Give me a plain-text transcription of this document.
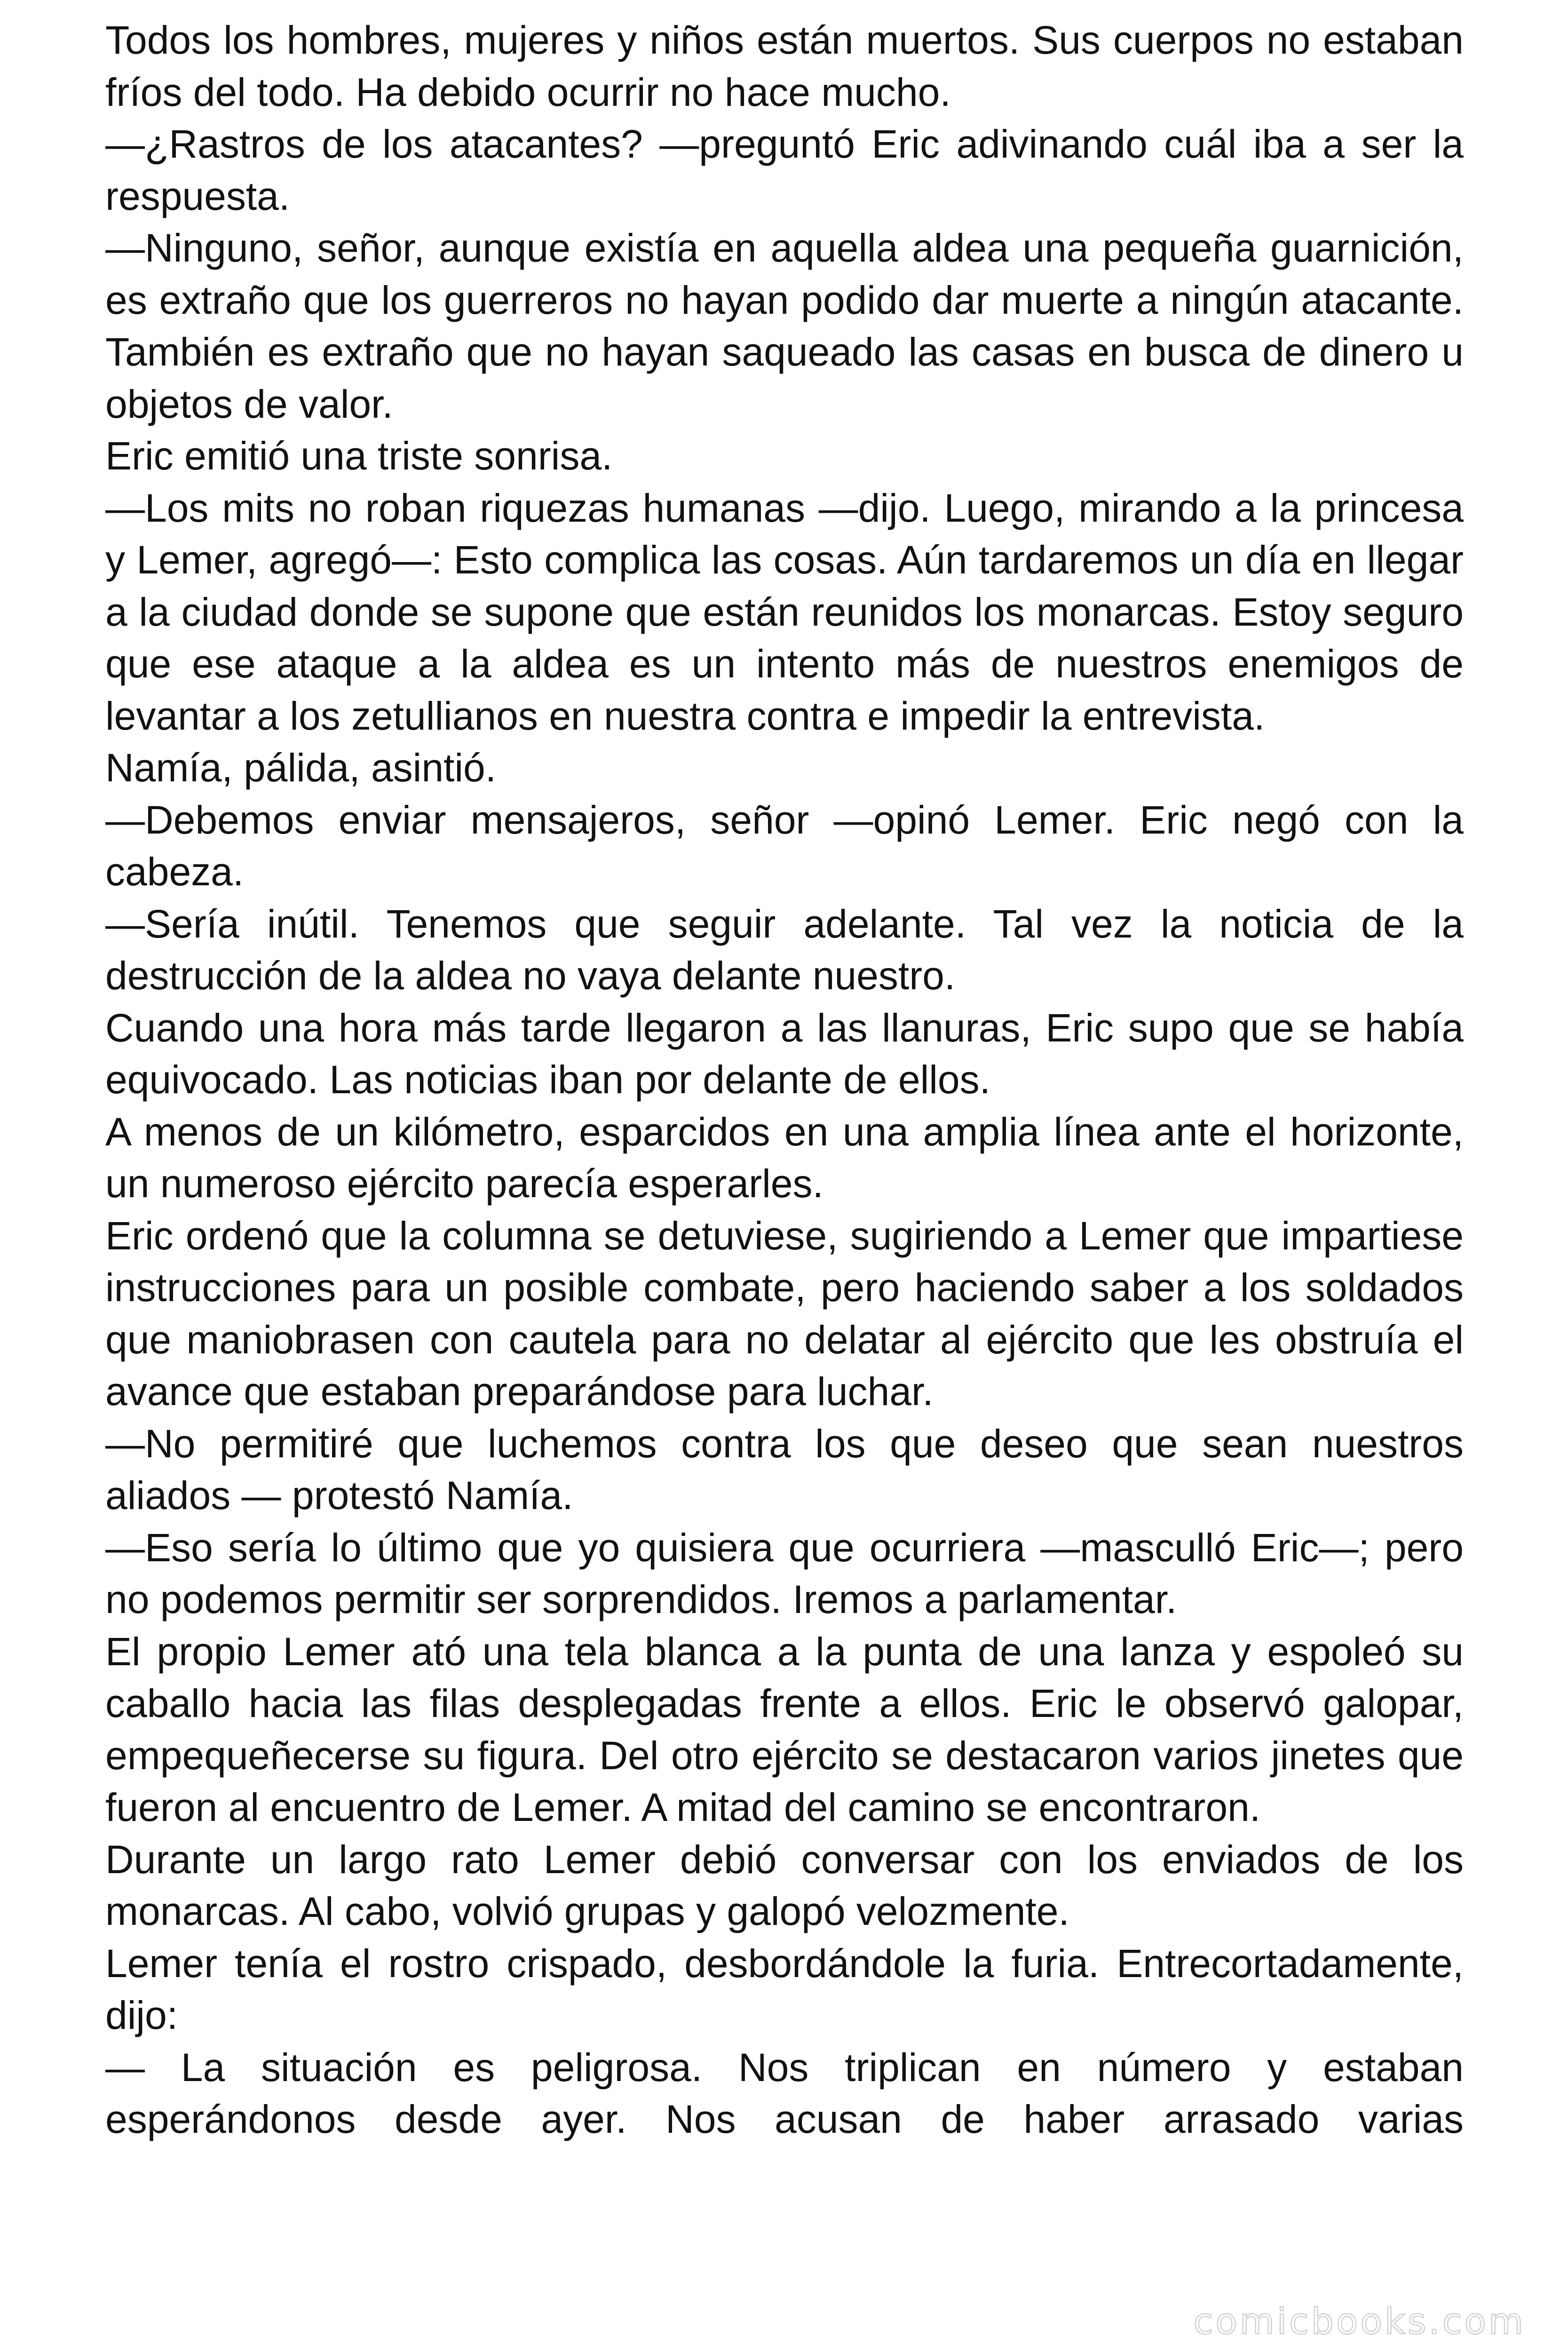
Todos los hombres, mujeres y niños están muertos. Sus cuerpos no estaban fríos del todo. Ha debido ocurrir no hace mucho.

—¿Rastros de los atacantes? —preguntó Eric adivinando cuál iba a ser la respuesta.

—Ninguno, señor, aunque existía en aquella aldea una pequeña guarnición, es extraño que los guerreros no hayan podido dar muerte a ningún atacante. También es extraño que no hayan saqueado las casas en busca de dinero u objetos de valor.

Eric emitió una triste sonrisa.

—Los mits no roban riquezas humanas —dijo. Luego, mirando a la princesa y Lemer, agregó—: Esto complica las cosas. Aún tardaremos un día en llegar a la ciudad donde se supone que están reunidos los monarcas. Estoy seguro que ese ataque a la aldea es un intento más de nuestros enemigos de levantar a los zetullianos en nuestra contra e impedir la entrevista.

Namía, pálida, asintió.

—Debemos enviar mensajeros, señor —opinó Lemer. Eric negó con la cabeza.

—Sería inútil. Tenemos que seguir adelante. Tal vez la noticia de la destrucción de la aldea no vaya delante nuestro.

Cuando una hora más tarde llegaron a las llanuras, Eric supo que se había equivocado. Las noticias iban por delante de ellos.

A menos de un kilómetro, esparcidos en una amplia línea ante el horizonte, un numeroso ejército parecía esperarles.

Eric ordenó que la columna se detuviese, sugiriendo a Lemer que impartiese instrucciones para un posible combate, pero haciendo saber a los soldados que maniobrasen con cautela para no delatar al ejército que les obstruía el avance que estaban preparándose para luchar.

—No permitiré que luchemos contra los que deseo que sean nuestros aliados — protestó Namía.

—Eso sería lo último que yo quisiera que ocurriera —masculló Eric—; pero no podemos permitir ser sorprendidos. Iremos a parlamentar.

El propio Lemer ató una tela blanca a la punta de una lanza y espoleó su caballo hacia las filas desplegadas frente a ellos. Eric le observó galopar, empequeñecerse su figura. Del otro ejército se destacaron varios jinetes que fueron al encuentro de Lemer. A mitad del camino se encontraron.

Durante un largo rato Lemer debió conversar con los enviados de los monarcas. Al cabo, volvió grupas y galopó velozmente.

Lemer tenía el rostro crispado, desbordándole la furia. Entrecortadamente, dijo:

— La situación es peligrosa. Nos triplican en número y estaban esperándonos desde ayer. Nos acusan de haber arrasado varias

comicbooks.com
